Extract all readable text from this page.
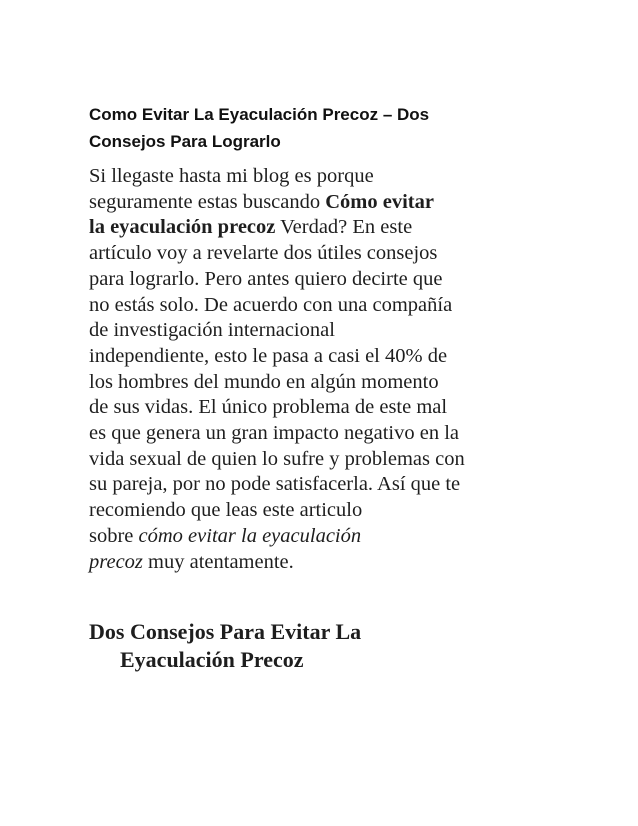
Como Evitar La Eyaculación Precoz – Dos
Consejos Para Lograrlo

Si llegaste hasta mi blog es porque
seguramente estas buscando Cómo evitar
la eyaculación precoz Verdad? En este
artículo voy a revelarte dos útiles consejos
para lograrlo. Pero antes quiero decirte que
no estás solo. De acuerdo con una compañía
de investigación internacional
independiente, esto le pasa a casi el 40% de
los hombres del mundo en algún momento
de sus vidas. El único problema de este mal
es que genera un gran impacto negativo en la
vida sexual de quien lo sufre y problemas con
su pareja, por no pode satisfacerla. Así que te
recomiendo que leas este articulo
sobre cómo evitar la eyaculación
precoz muy atentamente.

Dos Consejos Para Evitar La
Eyaculación Precoz
